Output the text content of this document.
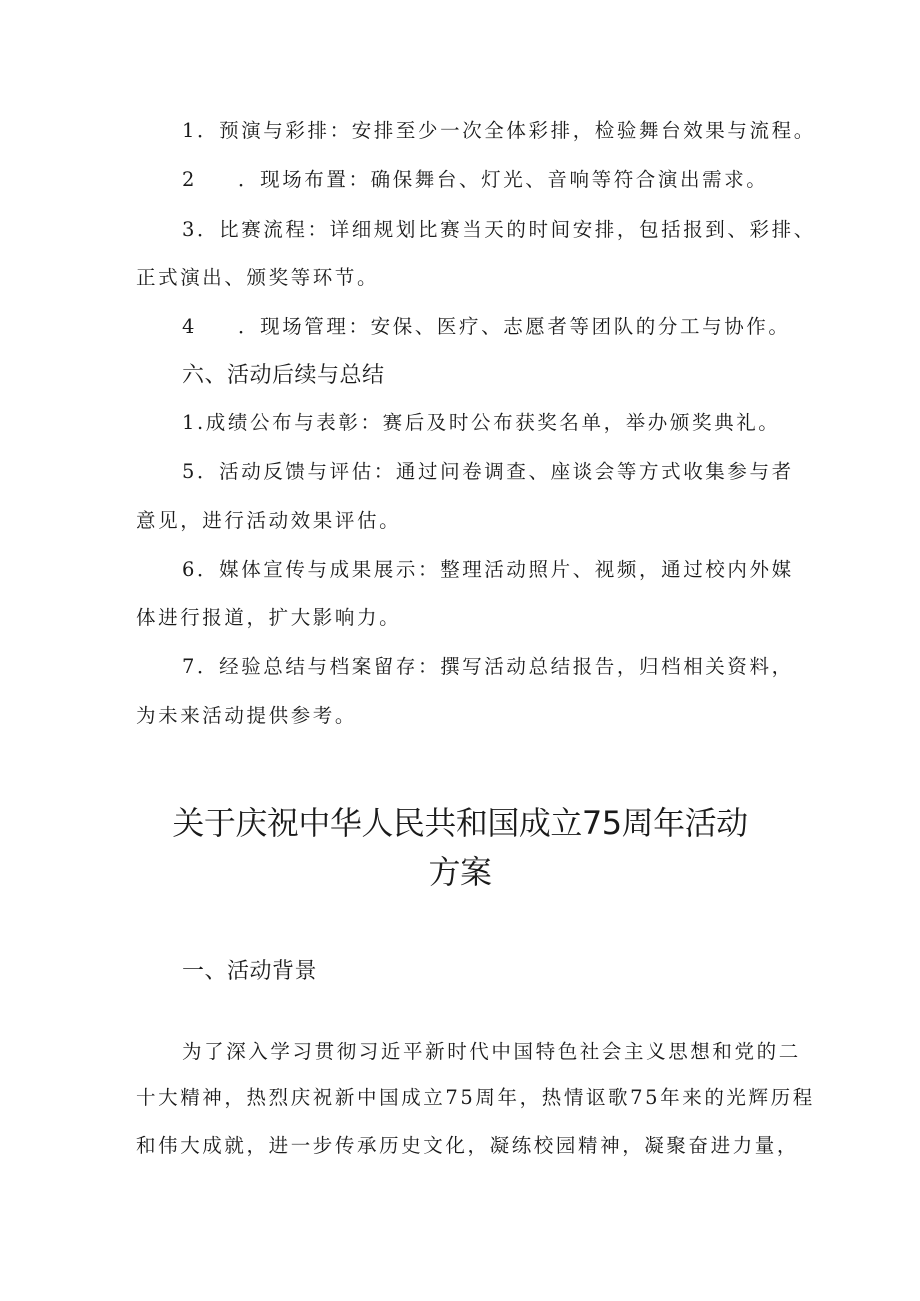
1．预演与彩排：安排至少一次全体彩排，检验舞台效果与流程。
2 ．现场布置：确保舞台、灯光、音响等符合演出需求。
3．比赛流程：详细规划比赛当天的时间安排，包括报到、彩排、
正式演出、颁奖等环节。
4 ．现场管理：安保、医疗、志愿者等团队的分工与协作。
六、活动后续与总结
1.成绩公布与表彰：赛后及时公布获奖名单，举办颁奖典礼。
5．活动反馈与评估：通过问卷调查、座谈会等方式收集参与者
意见，进行活动效果评估。
6．媒体宣传与成果展示：整理活动照片、视频，通过校内外媒
体进行报道，扩大影响力。
7．经验总结与档案留存：撰写活动总结报告，归档相关资料，
为未来活动提供参考。
关于庆祝中华人民共和国成立75周年活动
方案
一、活动背景
为了深入学习贯彻习近平新时代中国特色社会主义思想和党的二
十大精神，热烈庆祝新中国成立75周年，热情讴歌75年来的光辉历程
和伟大成就，进一步传承历史文化，凝练校园精神，凝聚奋进力量，
